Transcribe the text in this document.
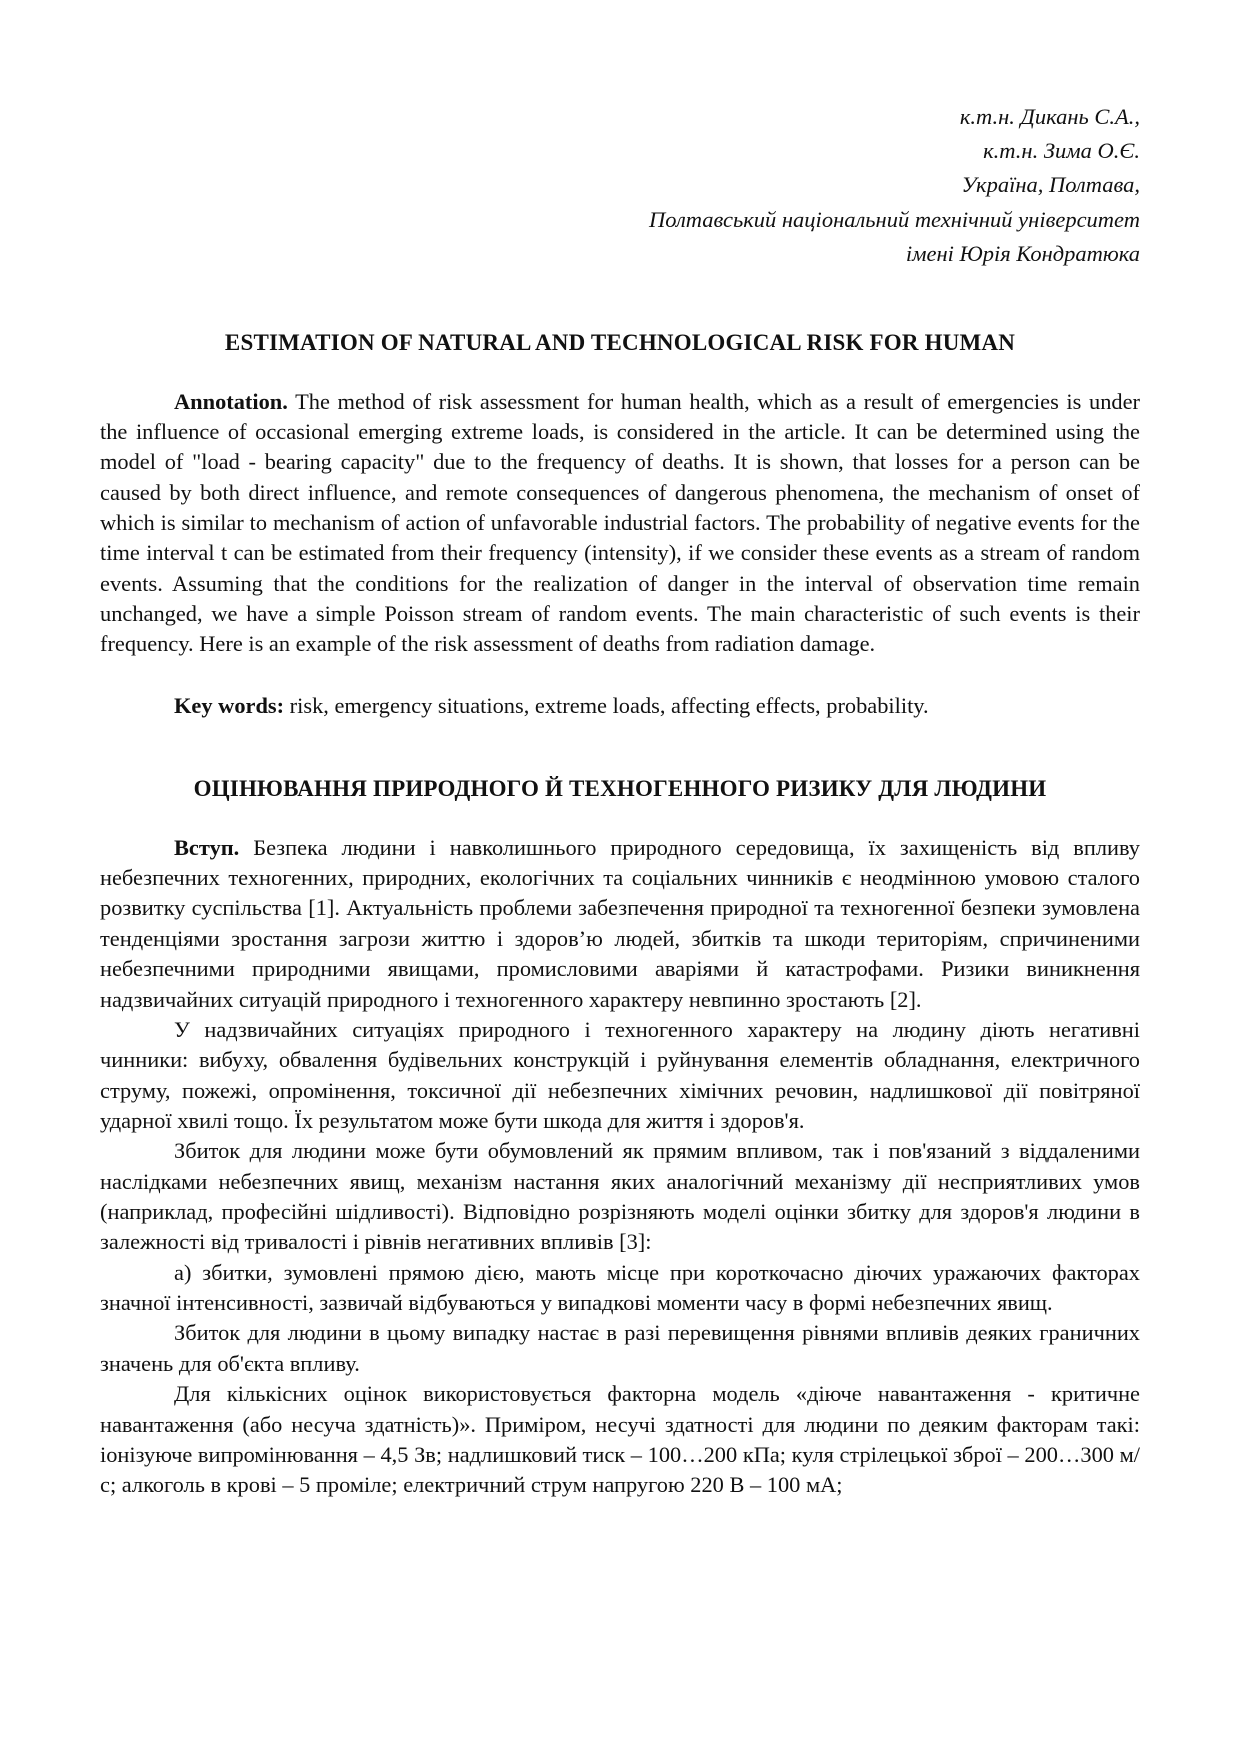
к.т.н. Дикань С.А.,
к.т.н. Зима О.Є.
Україна, Полтава,
Полтавський національний технічний університет
імені Юрія Кондратюка
ESTIMATION OF NATURAL AND TECHNOLOGICAL RISK FOR HUMAN

Annotation. The method of risk assessment for human health, which as a result of emergencies is under the influence of occasional emerging extreme loads, is considered in the article. It can be determined using the model of "load - bearing capacity" due to the frequency of deaths. It is shown, that losses for a person can be caused by both direct influence, and remote consequences of dangerous phenomena, the mechanism of onset of which is similar to mechanism of action of unfavorable industrial factors. The probability of negative events for the time interval t can be estimated from their frequency (intensity), if we consider these events as a stream of random events. Assuming that the conditions for the realization of danger in the interval of observation time remain unchanged, we have a simple Poisson stream of random events. The main characteristic of such events is their frequency. Here is an example of the risk assessment of deaths from radiation damage.

Key words: risk, emergency situations, extreme loads, affecting effects, probability.

ОЦІНЮВАННЯ ПРИРОДНОГО Й ТЕХНОГЕННОГО РИЗИКУ ДЛЯ ЛЮДИНИ

Вступ. Безпека людини і навколишнього природного середовища, їх захищеність від впливу небезпечних техногенних, природних, екологічних та соціальних чинників є неодмінною умовою сталого розвитку суспільства [1]. Актуальність проблеми забезпечення природної та техногенної безпеки зумовлена тенденціями зростання загрози життю і здоров’ю людей, збитків та шкоди територіям, спричиненими небезпечними природними явищами, промисловими аваріями й катастрофами. Ризики виникнення надзвичайних ситуацій природного і техногенного характеру невпинно зростають [2].

У надзвичайних ситуаціях природного і техногенного характеру на людину діють негативні чинники: вибуху, обвалення будівельних конструкцій і руйнування елементів обладнання, електричного струму, пожежі, опромінення, токсичної дії небезпечних хімічних речовин, надлишкової дії повітряної ударної хвилі тощо. Їх результатом може бути шкода для життя і здоров'я.

Збиток для людини може бути обумовлений як прямим впливом, так і пов'язаний з віддаленими наслідками небезпечних явищ, механізм настання яких аналогічний механізму дії несприятливих умов (наприклад, професійні шідливості). Відповідно розрізняють моделі оцінки збитку для здоров'я людини в залежності від тривалості і рівнів негативних впливів [3]:

а) збитки, зумовлені прямою дією, мають місце при короткочасно діючих уражаючих факторах значної інтенсивності, зазвичай відбуваються у випадкові моменти часу в формі небезпечних явищ.

Збиток для людини в цьому випадку настає в разі перевищення рівнями впливів деяких граничних значень для об'єкта впливу.

Для кількісних оцінок використовується факторна модель «діюче навантаження - критичне навантаження (або несуча здатність)». Приміром, несучі здатності для людини по деяким факторам такі: іонізуюче випромінювання – 4,5 Зв; надлишковий тиск – 100…200 кПа; куля стрілецької зброї – 200…300 м/с; алкоголь в крові – 5 проміле; електричний струм напругою 220 В – 100 мА;
